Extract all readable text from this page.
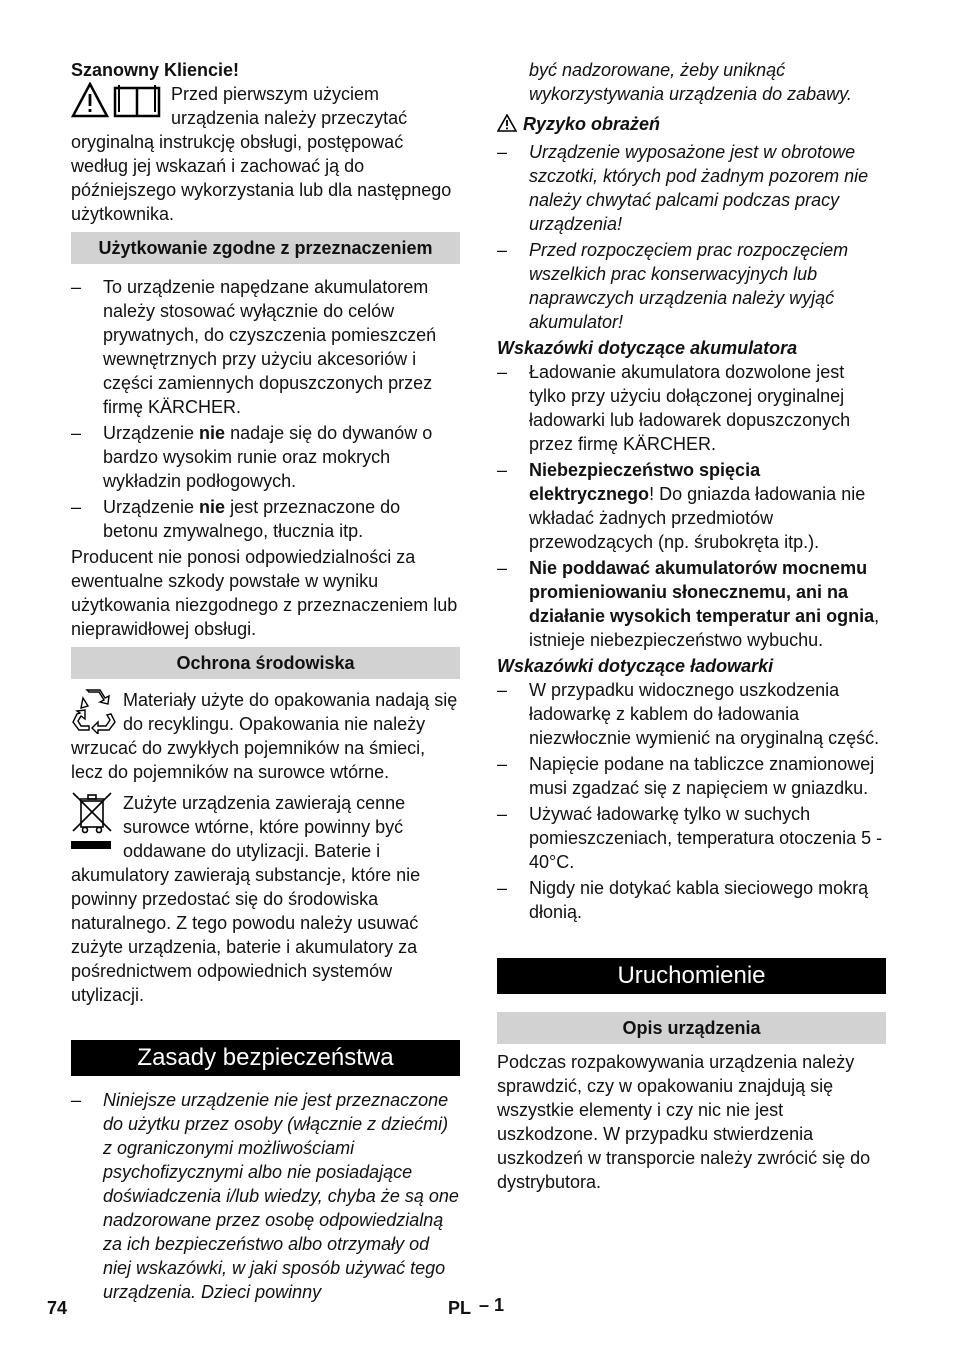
Szanowny Kliencie!

Przed pierwszym użyciem urządzenia należy przeczytać oryginalną instrukcję obsługi, postępować według jej wskazań i zachować ją do późniejszego wykorzystania lub dla następnego użytkownika.

Użytkowanie zgodne z przeznaczeniem
– To urządzenie napędzane akumulatorem należy stosować wyłącznie do celów prywatnych, do czyszczenia pomieszczeń wewnętrznych przy użyciu akcesoriów i części zamiennych dopuszczonych przez firmę KÄRCHER.

– Urządzenie nie nadaje się do dywanów o bardzo wysokim runie oraz mokrych wykładzin podłogowych.

– Urządzenie nie jest przeznaczone do betonu zmywalnego, tłucznia itp.

Producent nie ponosi odpowiedzialności za ewentualne szkody powstałe w wyniku użytkowania niezgodnego z przeznaczeniem lub nieprawidłowej obsługi.

Ochrona środowiska

Materiały użyte do opakowania nadają się do recyklingu. Opakowania nie należy wrzucać do zwykłych pojemników na śmieci, lecz do pojemników na surowce wtórne.

Zużyte urządzenia zawierają cenne surowce wtórne, które powinny być oddawane do utylizacji. Baterie i akumulatory zawierają substancje, które nie powinny przedostać się do środowiska naturalnego. Z tego powodu należy usuwać zużyte urządzenia, baterie i akumulatory za pośrednictwem odpowiednich systemów utylizacji.

Zasady bezpieczeństwa
– Niniejsze urządzenie nie jest przeznaczone do użytku przez osoby (włącznie z dziećmi) z ograniczonymi możliwościami psychofizycznymi albo nie posiadające doświadczenia i/lub wiedzy, chyba że są one nadzorowane przez osobę odpowiedzialną za ich bezpieczeństwo albo otrzymały od niej wskazówki, w jaki sposób używać tego urządzenia. Dzieci powinny

być nadzorowane, żeby uniknąć wykorzystywania urządzenia do zabawy.

Ryzyko obrażeń

– Urządzenie wyposażone jest w obrotowe szczotki, których pod żadnym pozorem nie należy chwytać palcami podczas pracy urządzenia!

– Przed rozpoczęciem prac rozpoczęciem wszelkich prac konserwacyjnych lub naprawczych urządzenia należy wyjąć akumulator!

Wskazówki dotyczące akumulatora

– Ładowanie akumulatora dozwolone jest tylko przy użyciu dołączonej oryginalnej ładowarki lub ładowarek dopuszczonych przez firmę KÄRCHER.

– Niebezpieczeństwo spięcia elektrycznego! Do gniazda ładowania nie wkładać żadnych przedmiotów przewodzących (np. śrubokręta itp.).

– Nie poddawać akumulatorów mocnemu promieniowaniu słonecznemu, ani na działanie wysokich temperatur ani ognia, istnieje niebezpieczeństwo wybuchu.

Wskazówki dotyczące ładowarki

– W przypadku widocznego uszkodzenia ładowarkę z kablem do ładowania niezwłocznie wymienić na oryginalną część.

– Napięcie podane na tabliczce znamionowej musi zgadzać się z napięciem w gniazdku.

– Używać ładowarkę tylko w suchych pomieszczeniach, temperatura otoczenia 5 - 40°C.

– Nigdy nie dotykać kabla sieciowego mokrą dłonią.

Uruchomienie
Opis urządzenia

Podczas rozpakowywania urządzenia należy sprawdzić, czy w opakowaniu znajdują się wszystkie elementy i czy nic nie jest uszkodzone. W przypadku stwierdzenia uszkodzeń w transporcie należy zwrócić się do dystrybutora.

74	PL – 1
